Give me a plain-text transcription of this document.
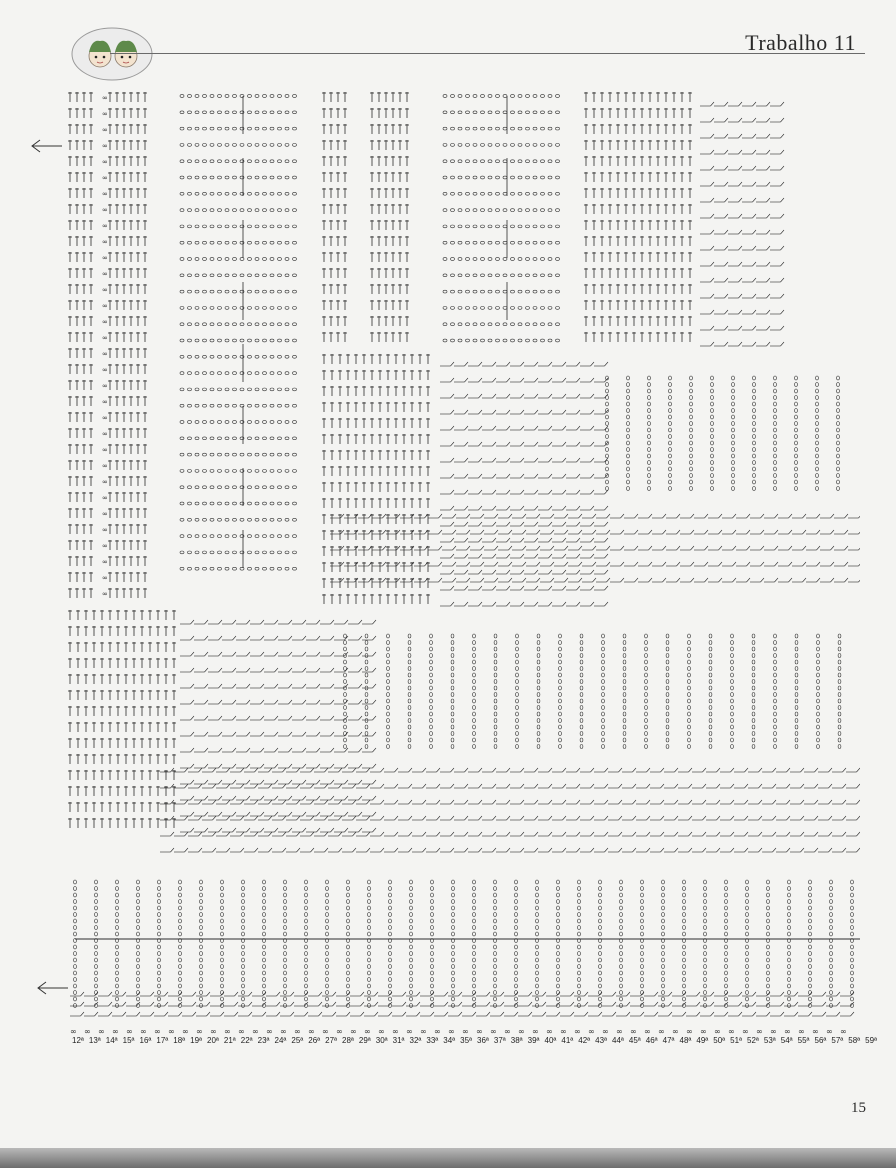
Trabalho 11
∞
∞
∞
∞
∞
∞
∞
∞
∞
∞
∞
∞
∞
∞
∞
∞
∞
∞
∞
∞
∞
∞
∞
∞
∞
∞
∞
∞
∞
∞
∞
∞
∞ ∞ ∞ ∞ ∞ ∞ ∞ ∞ ∞ ∞ ∞ ∞ ∞ ∞ ∞ ∞ ∞ ∞ ∞ ∞ ∞ ∞ ∞ ∞ ∞ ∞ ∞ ∞ ∞ ∞ ∞ ∞ ∞ ∞ ∞ ∞ ∞ ∞ ∞ ∞ ∞ ∞ ∞ ∞ ∞ ∞ ∞ ∞ ∞ ∞ ∞ ∞ ∞ ∞ ∞ ∞
12ª 13ª 14ª 15ª 16ª 17ª 18ª 19ª 20ª 21ª 22ª 23ª 24ª 25ª 26ª 27ª 28ª 29ª 30ª 31ª 32ª 33ª 34ª 35ª 36ª 37ª 38ª 39ª 40ª 41ª 42ª 43ª 44ª 45ª 46ª 47ª 48ª 49ª 50ª 51ª 52ª 53ª 54ª 55ª 56ª 57ª 58ª 59ª
15
